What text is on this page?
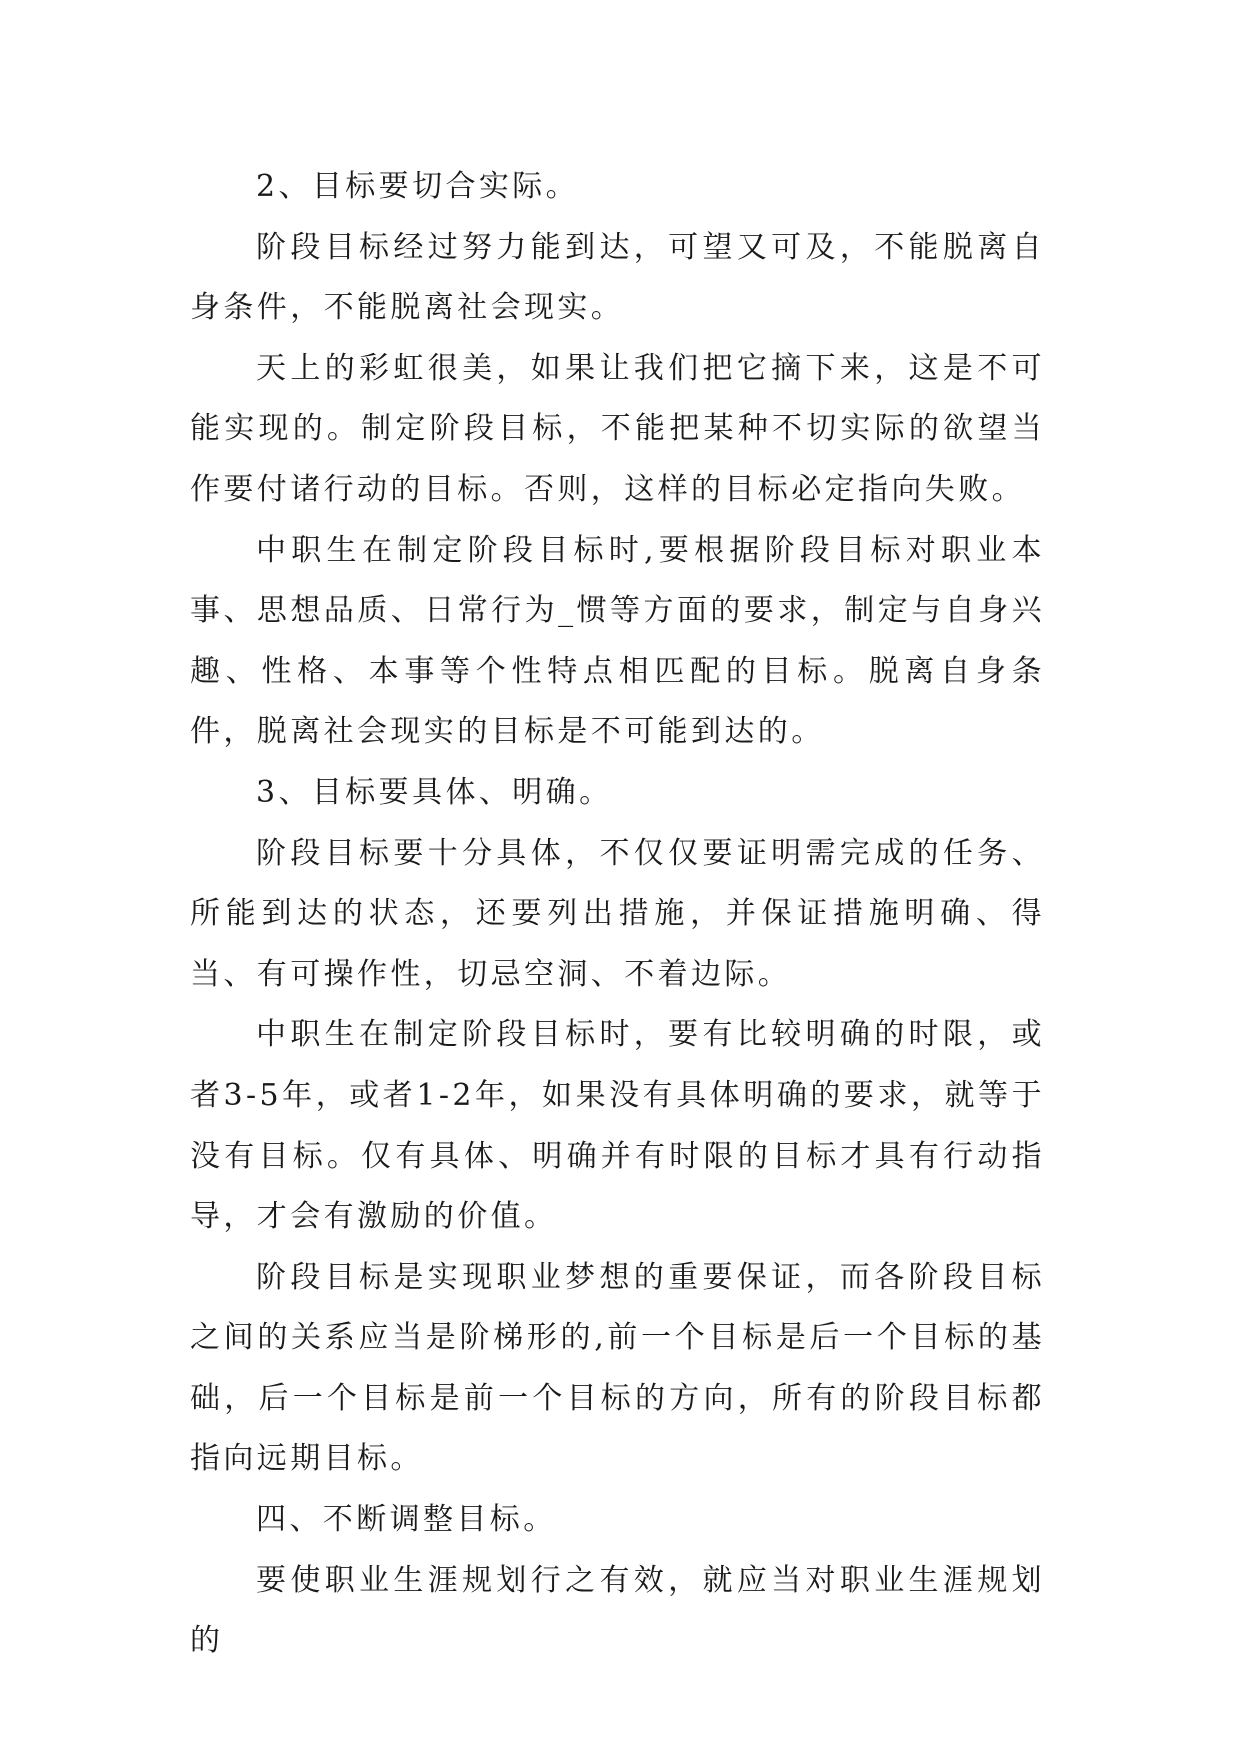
2、目标要切合实际。

阶段目标经过努力能到达，可望又可及，不能脱离自身条件，不能脱离社会现实。

天上的彩虹很美，如果让我们把它摘下来，这是不可能实现的。制定阶段目标，不能把某种不切实际的欲望当作要付诸行动的目标。否则，这样的目标必定指向失败。

中职生在制定阶段目标时,要根据阶段目标对职业本事、思想品质、日常行为_惯等方面的要求，制定与自身兴趣、性格、本事等个性特点相匹配的目标。脱离自身条件，脱离社会现实的目标是不可能到达的。

3、目标要具体、明确。

阶段目标要十分具体，不仅仅要证明需完成的任务、所能到达的状态，还要列出措施，并保证措施明确、得当、有可操作性，切忌空洞、不着边际。

中职生在制定阶段目标时，要有比较明确的时限，或者3-5年，或者1-2年，如果没有具体明确的要求，就等于没有目标。仅有具体、明确并有时限的目标才具有行动指导，才会有激励的价值。

阶段目标是实现职业梦想的重要保证，而各阶段目标之间的关系应当是阶梯形的,前一个目标是后一个目标的基础，后一个目标是前一个目标的方向，所有的阶段目标都指向远期目标。

四、不断调整目标。

要使职业生涯规划行之有效，就应当对职业生涯规划的
